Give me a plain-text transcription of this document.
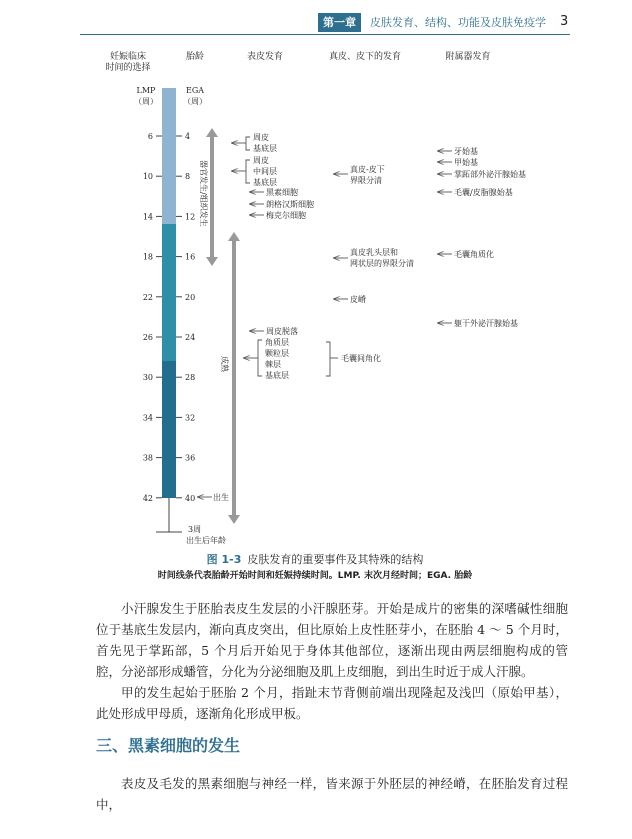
第一章	皮肤发育、结构、功能及皮肤免疫学 3
妊娠临床
时间的选择
胎龄	表皮发育	真皮、皮下的发育	附属器发育
LMP
（周）
EGA
（周）
6
10
14
18
22
26
30
34
38
42
4
8
12
16
20
24
28
32
36
40 出生
3周
出生后年龄
器官发生/组织发生
成熟
周皮
基底层
周皮
中间层
基底层
黑素细胞
朗格汉斯细胞
梅克尔细胞
周皮脱落
角质层
颗粒层
棘层
基底层
毛囊间角化
真皮-皮下
界限分清
真皮乳头层和
网状层的界限分清
皮嵴
牙始基
甲始基
掌跖部外泌汗腺始基
毛囊/皮脂腺始基
毛囊角质化
躯干外泌汗腺始基
图 1-3 皮肤发育的重要事件及其特殊的结构
时间线条代表胎龄开始时间和妊娠持续时间。LMP. 末次月经时间；EGA. 胎龄

小汗腺发生于胚胎表皮生发层的小汗腺胚芽。开始是成片的密集的深嗜碱性细胞位于基底生发层内，渐向真皮突出，但比原始上皮性胚芽小，在胚胎 4 ～ 5 个月时，首先见于掌跖部，5 个月后开始见于身体其他部位，逐渐出现由两层细胞构成的管腔，分泌部形成蟠管，分化为分泌细胞及肌上皮细胞，到出生时近于成人汗腺。

甲的发生起始于胚胎 2 个月，指趾末节背侧前端出现隆起及浅凹（原始甲基），此处形成甲母质，逐渐角化形成甲板。

三、黑素细胞的发生

表皮及毛发的黑素细胞与神经一样，皆来源于外胚层的神经嵴，在胚胎发育过程中，
